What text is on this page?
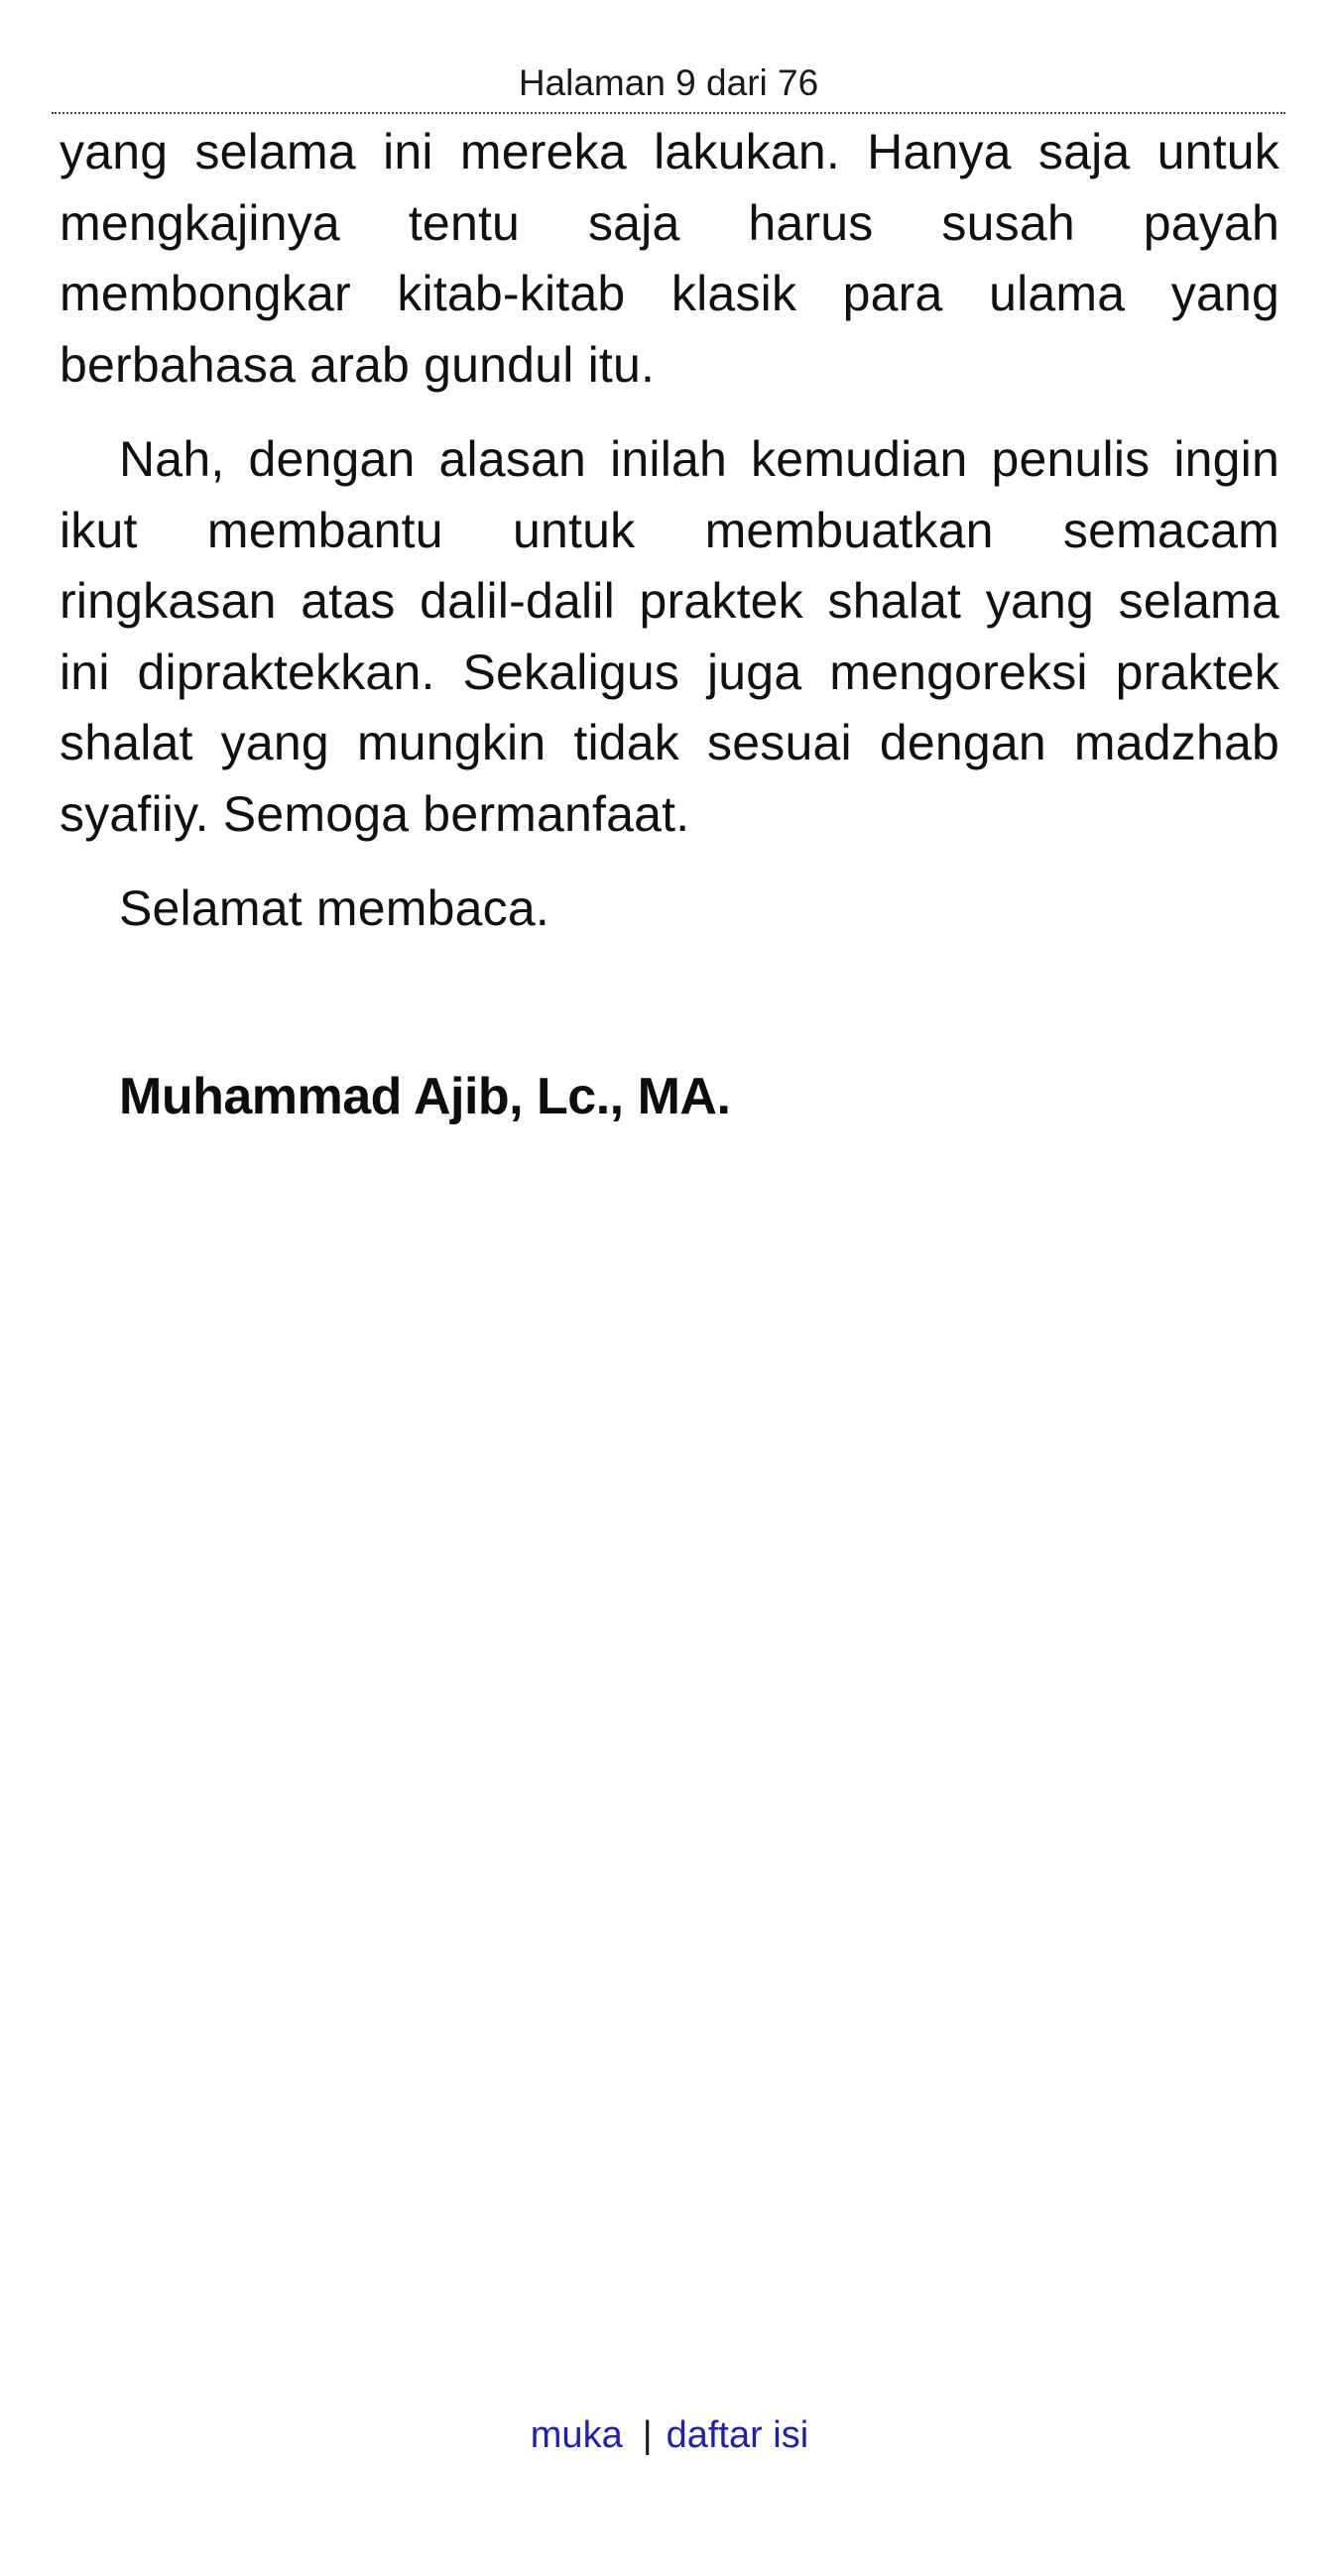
Halaman 9 dari 76

yang selama ini mereka lakukan. Hanya saja untuk mengkajinya tentu saja harus susah payah membongkar kitab-kitab klasik para ulama yang berbahasa arab gundul itu.

Nah, dengan alasan inilah kemudian penulis ingin ikut membantu untuk membuatkan semacam ringkasan atas dalil-dalil praktek shalat yang selama ini dipraktekkan. Sekaligus juga mengoreksi praktek shalat yang mungkin tidak sesuai dengan madzhab syafiiy. Semoga bermanfaat.

Selamat membaca.

Muhammad Ajib, Lc., MA.
muka | daftar isi
